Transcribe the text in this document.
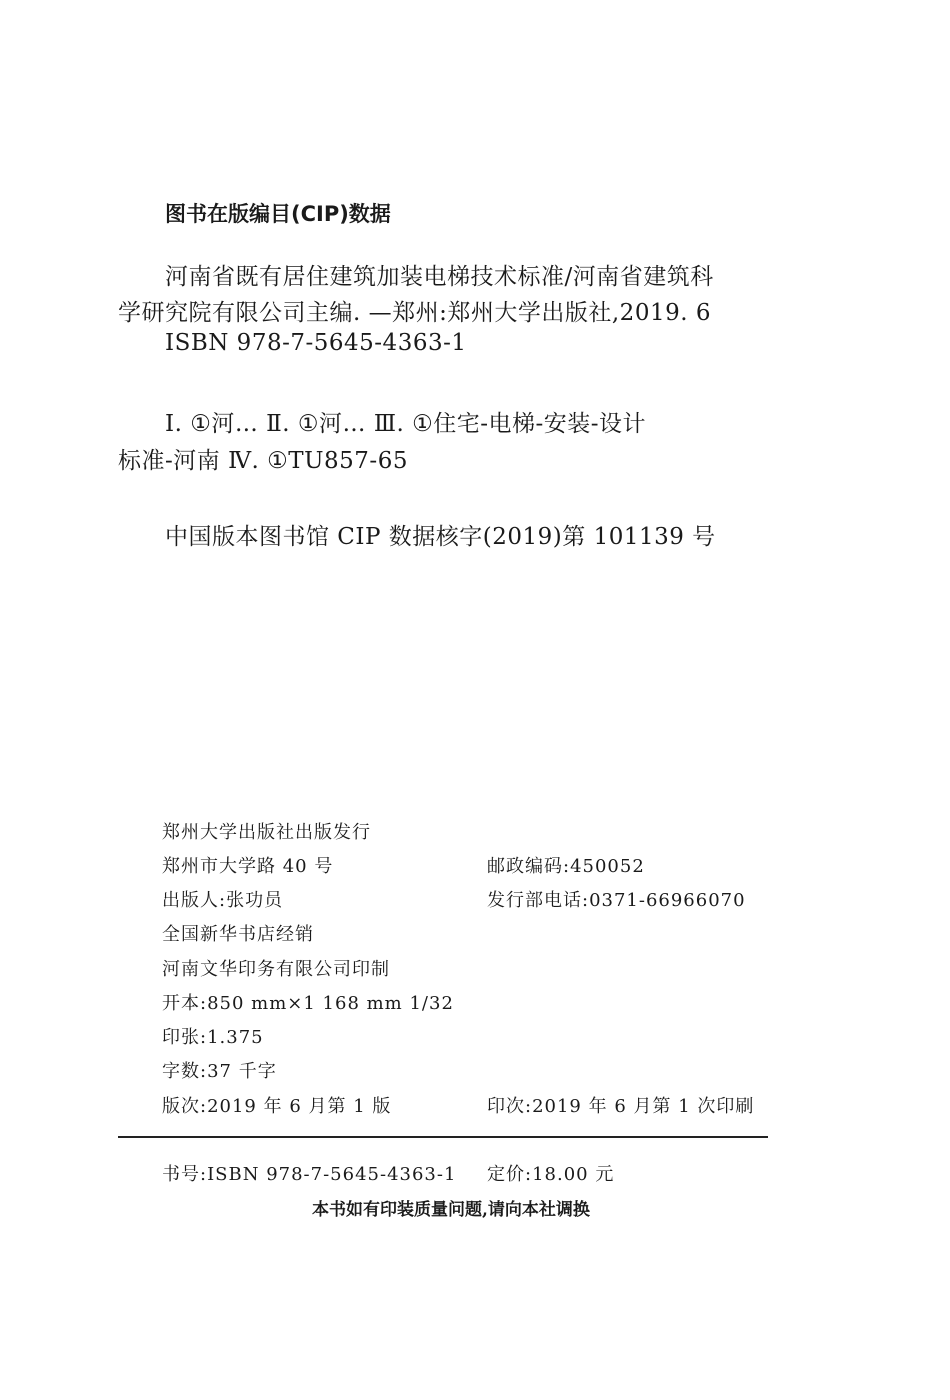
图书在版编目(CIP)数据
河南省既有居住建筑加装电梯技术标准/河南省建筑科
学研究院有限公司主编. —郑州:郑州大学出版社,2019. 6
ISBN 978-7-5645-4363-1
Ⅰ. ①河… Ⅱ. ①河… Ⅲ. ①住宅-电梯-安装-设计
标准-河南 Ⅳ. ①TU857-65
中国版本图书馆 CIP 数据核字(2019)第 101139 号
郑州大学出版社出版发行
郑州市大学路 40 号	邮政编码:450052
出版人:张功员	发行部电话:0371-66966070
全国新华书店经销
河南文华印务有限公司印制
开本:850 mm×1 168 mm 1/32
印张:1.375
字数:37 千字
版次:2019 年 6 月第 1 版	印次:2019 年 6 月第 1 次印刷
书号:ISBN 978-7-5645-4363-1 定价:18.00 元
本书如有印装质量问题,请向本社调换
